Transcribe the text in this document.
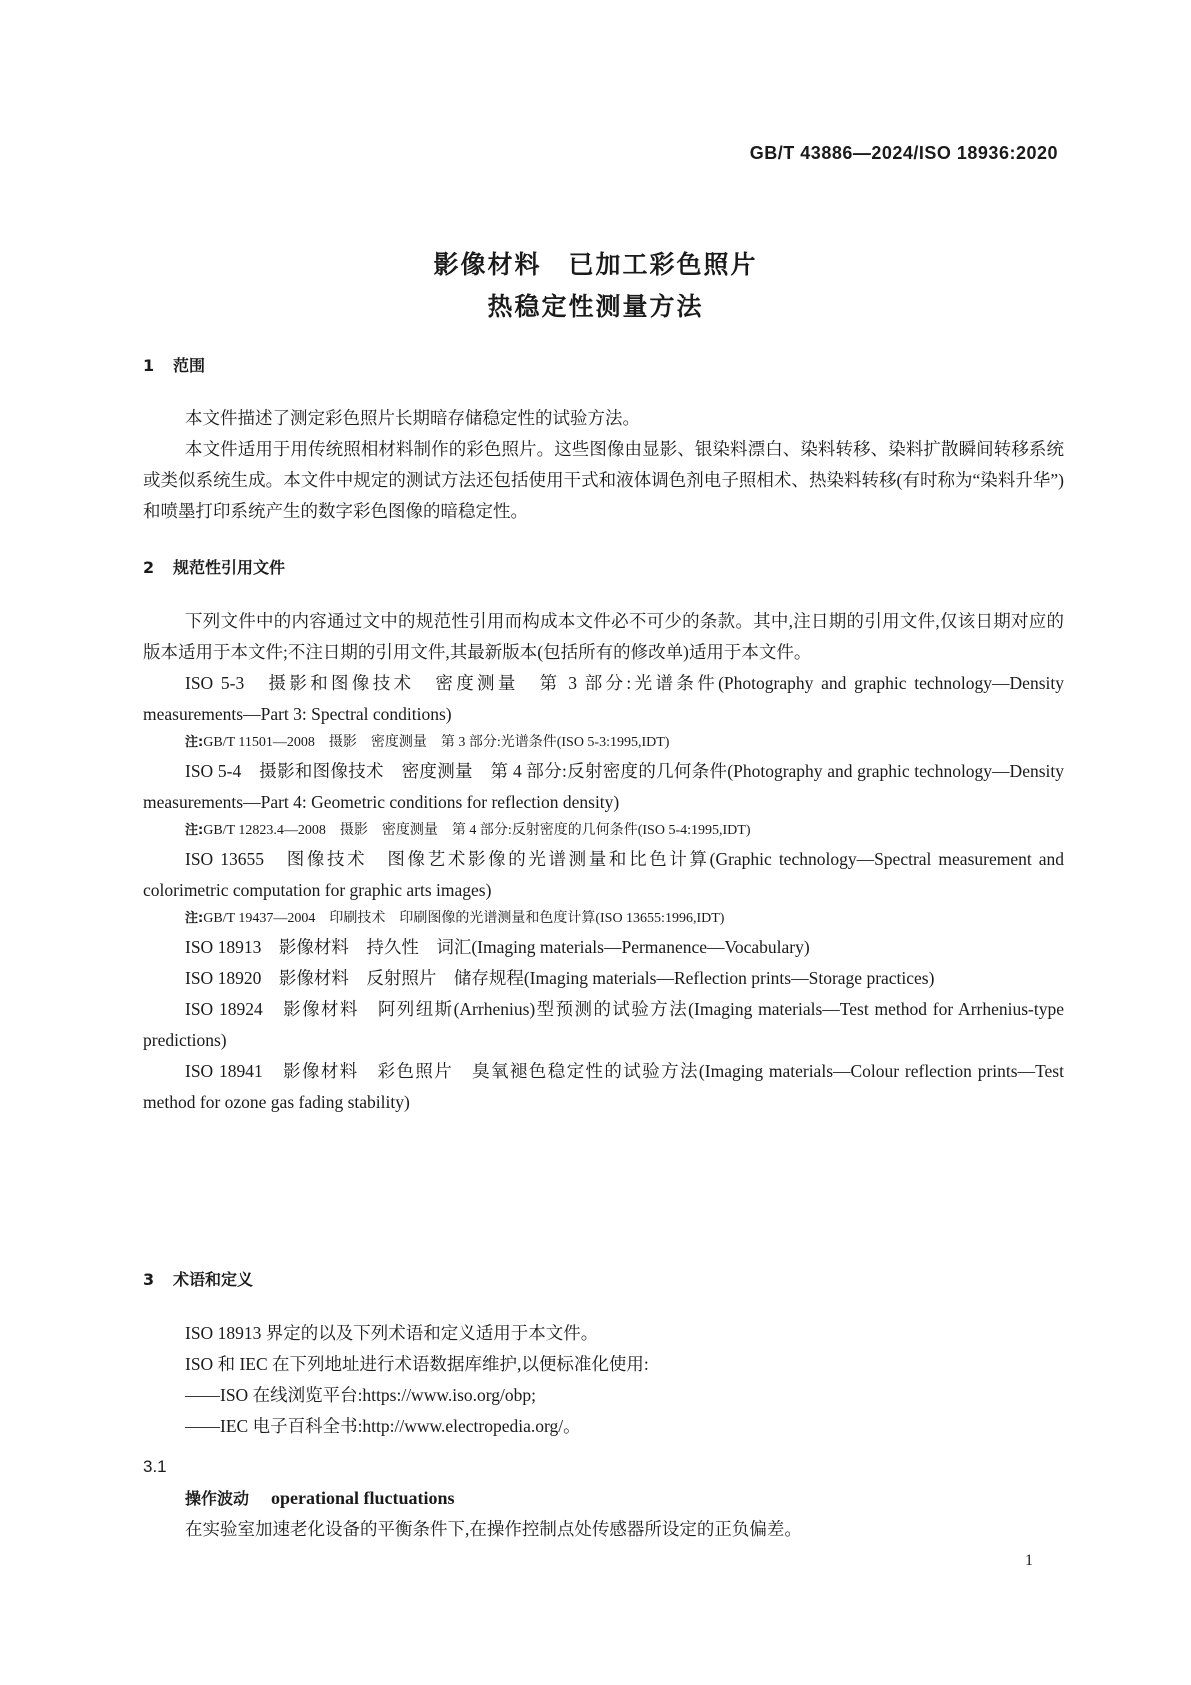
GB/T 43886—2024/ISO 18936:2020
影像材料　已加工彩色照片
热稳定性测量方法
1 范围

本文件描述了测定彩色照片长期暗存储稳定性的试验方法。

本文件适用于用传统照相材料制作的彩色照片。这些图像由显影、银染料漂白、染料转移、染料扩散瞬间转移系统或类似系统生成。本文件中规定的测试方法还包括使用干式和液体调色剂电子照相术、热染料转移(有时称为“染料升华”)和喷墨打印系统产生的数字彩色图像的暗稳定性。

2 规范性引用文件

下列文件中的内容通过文中的规范性引用而构成本文件必不可少的条款。其中,注日期的引用文件,仅该日期对应的版本适用于本文件;不注日期的引用文件,其最新版本(包括所有的修改单)适用于本文件。

ISO 5-3　摄影和图像技术　密度测量　第 3 部分:光谱条件(Photography and graphic technology—Density measurements—Part 3: Spectral conditions)

注:GB/T 11501—2008　摄影　密度测量　第 3 部分:光谱条件(ISO 5-3:1995,IDT)

ISO 5-4　摄影和图像技术　密度测量　第 4 部分:反射密度的几何条件(Photography and graphic technology—Density measurements—Part 4: Geometric conditions for reflection density)

注:GB/T 12823.4—2008　摄影　密度测量　第 4 部分:反射密度的几何条件(ISO 5-4:1995,IDT)

ISO 13655　图像技术　图像艺术影像的光谱测量和比色计算(Graphic technology—Spectral measurement and colorimetric computation for graphic arts images)

注:GB/T 19437—2004　印刷技术　印刷图像的光谱测量和色度计算(ISO 13655:1996,IDT)

ISO 18913　影像材料　持久性　词汇(Imaging materials—Permanence—Vocabulary)

ISO 18920　影像材料　反射照片　储存规程(Imaging materials—Reflection prints—Storage practices)

ISO 18924　影像材料　阿列纽斯(Arrhenius)型预测的试验方法(Imaging materials—Test method for Arrhenius-type predictions)

ISO 18941　影像材料　彩色照片　臭氧褪色稳定性的试验方法(Imaging materials—Colour reflection prints—Test method for ozone gas fading stability)

3 术语和定义

ISO 18913 界定的以及下列术语和定义适用于本文件。

ISO 和 IEC 在下列地址进行术语数据库维护,以便标准化使用:

——ISO 在线浏览平台:https://www.iso.org/obp;

——IEC 电子百科全书:http://www.electropedia.org/。

3.1
操作波动 operational fluctuations
在实验室加速老化设备的平衡条件下,在操作控制点处传感器所设定的正负偏差。
1
